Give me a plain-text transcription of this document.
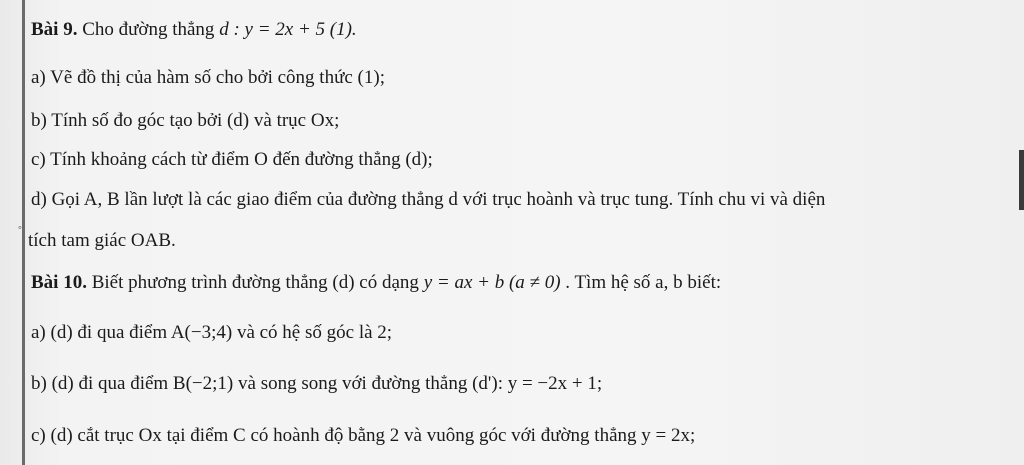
Bài 9. Cho đường thẳng d : y = 2x + 5 (1).
a) Vẽ đồ thị của hàm số cho bởi công thức (1);
b) Tính số đo góc tạo bởi (d) và trục Ox;
c) Tính khoảng cách từ điểm O đến đường thẳng (d);
d) Gọi A, B lần lượt là các giao điểm của đường thẳng d với trục hoành và trục tung. Tính chu vi và diện
◦
tích tam giác OAB.
Bài 10. Biết phương trình đường thẳng (d) có dạng y = ax + b (a ≠ 0) . Tìm hệ số a, b biết:
a) (d) đi qua điểm A(−3;4) và có hệ số góc là 2;
b) (d) đi qua điểm B(−2;1) và song song với đường thẳng (d'): y = −2x + 1;
c) (d) cắt trục Ox tại điểm C có hoành độ bằng 2 và vuông góc với đường thẳng y = 2x;
